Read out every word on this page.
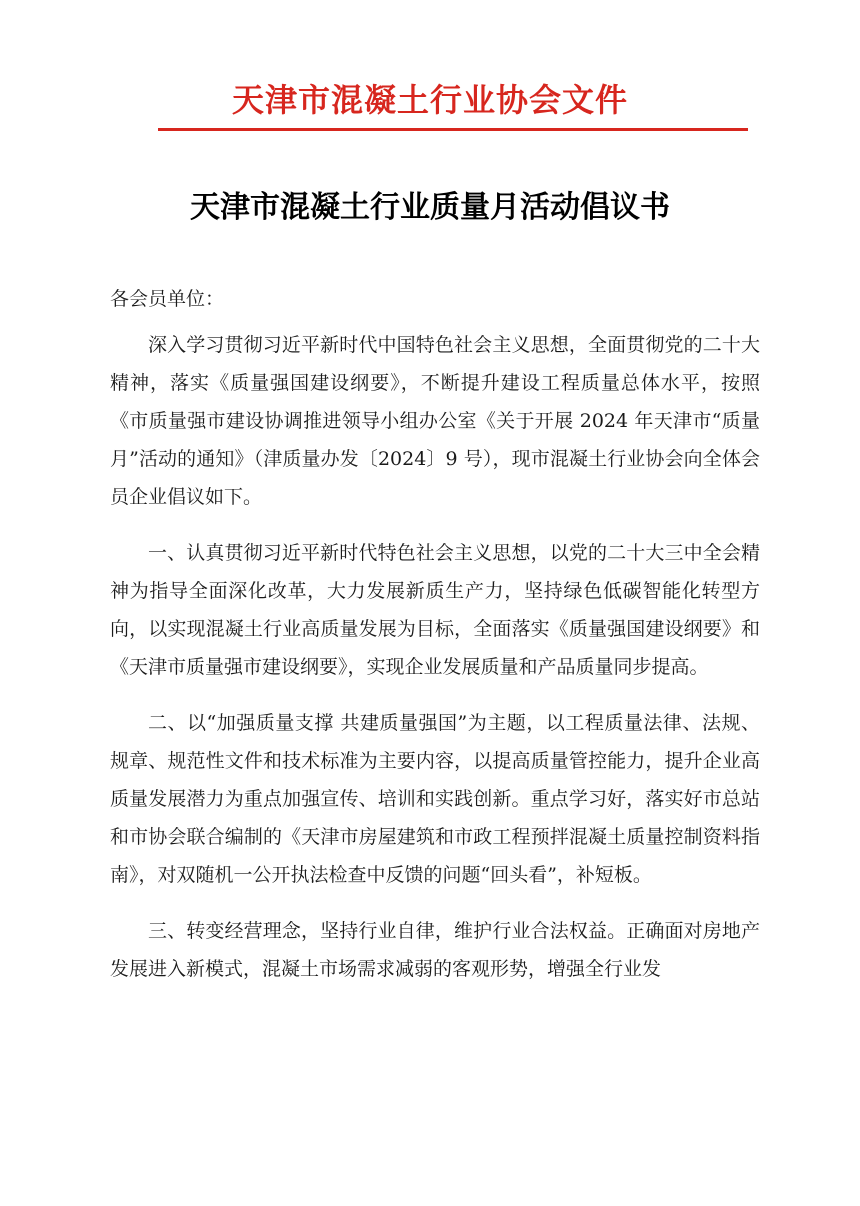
天津市混凝土行业协会文件
天津市混凝土行业质量月活动倡议书

各会员单位：

深入学习贯彻习近平新时代中国特色社会主义思想，全面贯彻党的二十大精神，落实《质量强国建设纲要》，不断提升建设工程质量总体水平，按照《市质量强市建设协调推进领导小组办公室《关于开展 2024 年天津市“质量月”活动的通知》（津质量办发〔2024〕9 号），现市混凝土行业协会向全体会员企业倡议如下。

一、认真贯彻习近平新时代特色社会主义思想，以党的二十大三中全会精神为指导全面深化改革，大力发展新质生产力，坚持绿色低碳智能化转型方向，以实现混凝土行业高质量发展为目标，全面落实《质量强国建设纲要》和《天津市质量强市建设纲要》，实现企业发展质量和产品质量同步提高。

二、以“加强质量支撑 共建质量强国”为主题，以工程质量法律、法规、规章、规范性文件和技术标准为主要内容，以提高质量管控能力，提升企业高质量发展潜力为重点加强宣传、培训和实践创新。重点学习好，落实好市总站和市协会联合编制的《天津市房屋建筑和市政工程预拌混凝土质量控制资料指南》，对双随机一公开执法检查中反馈的问题“回头看”，补短板。

三、转变经营理念，坚持行业自律，维护行业合法权益。正确面对房地产发展进入新模式，混凝土市场需求减弱的客观形势，增强全行业发
